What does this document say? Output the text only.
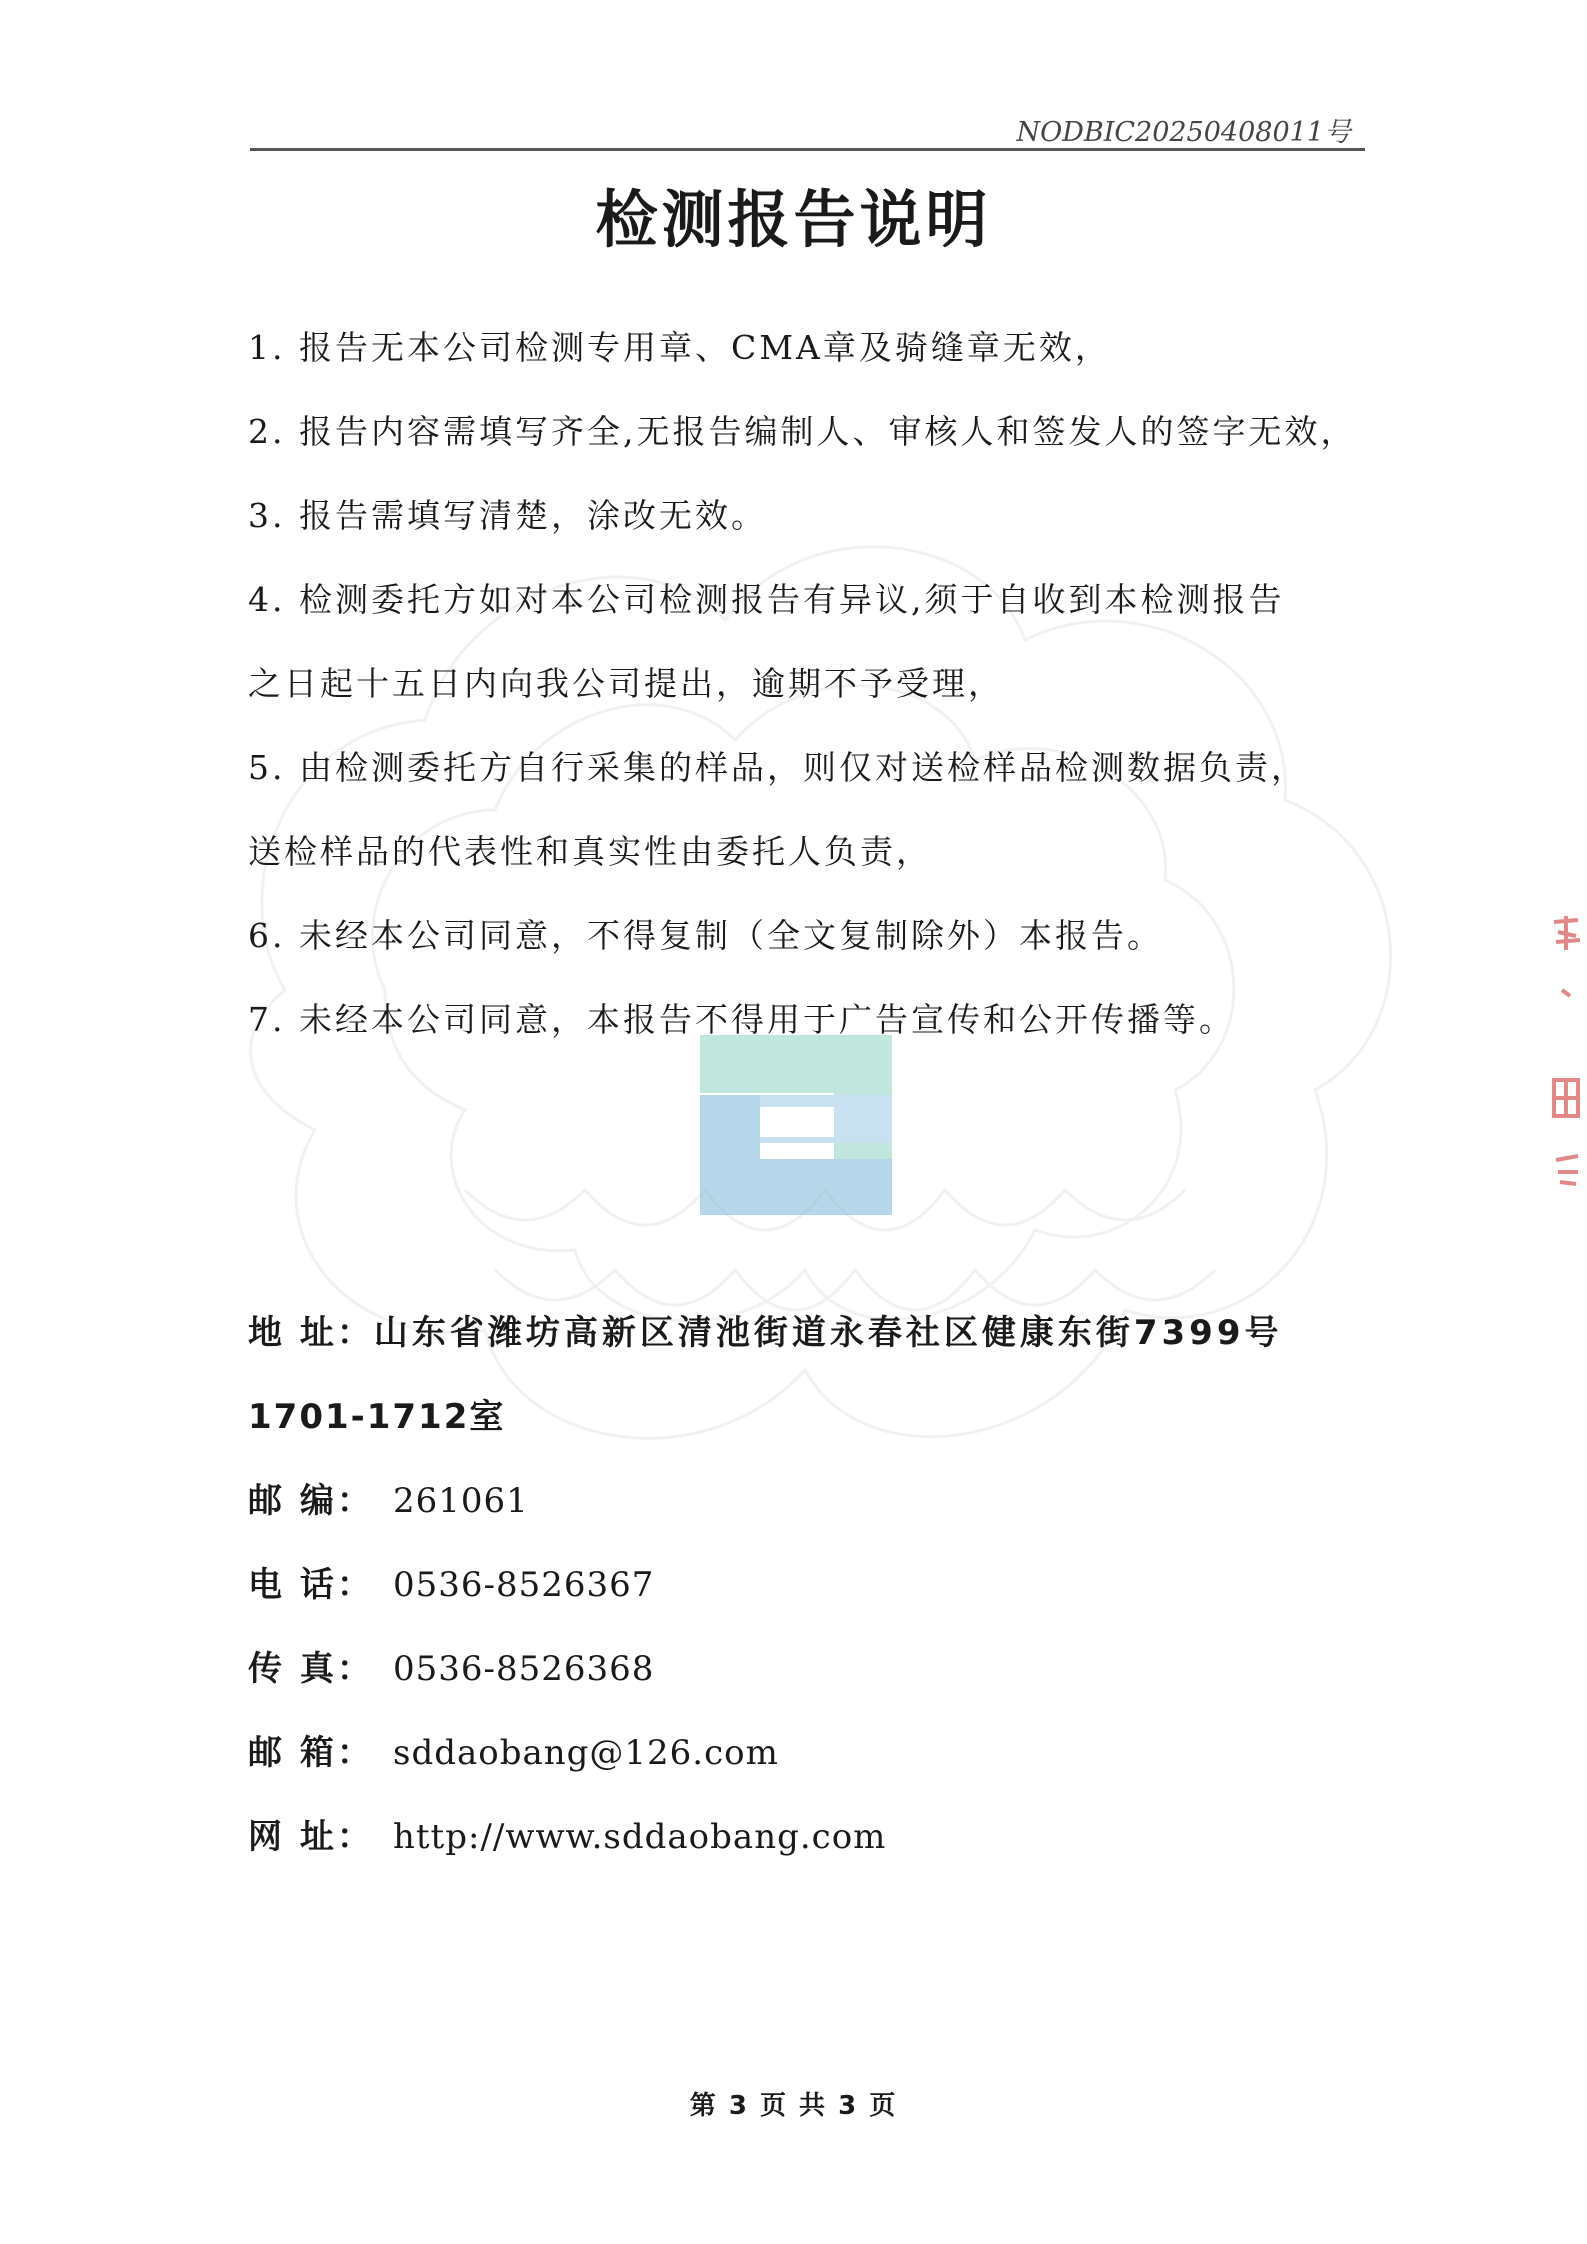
NODBIC20250408011号
检测报告说明
1. 报告无本公司检测专用章、CMA章及骑缝章无效，
2. 报告内容需填写齐全,无报告编制人、审核人和签发人的签字无效，
3. 报告需填写清楚，涂改无效。
4. 检测委托方如对本公司检测报告有异议,须于自收到本检测报告
之日起十五日内向我公司提出，逾期不予受理，
5. 由检测委托方自行采集的样品，则仅对送检样品检测数据负责，
送检样品的代表性和真实性由委托人负责，
6. 未经本公司同意，不得复制（全文复制除外）本报告。
7. 未经本公司同意，本报告不得用于广告宣传和公开传播等。
地 址：山东省潍坊高新区清池街道永春社区健康东街7399号
1701-1712室
邮 编： 261061
电 话： 0536-8526367
传 真： 0536-8526368
邮 箱： sddaobang@126.com
网 址： http://www.sddaobang.com
第 3 页 共 3 页
